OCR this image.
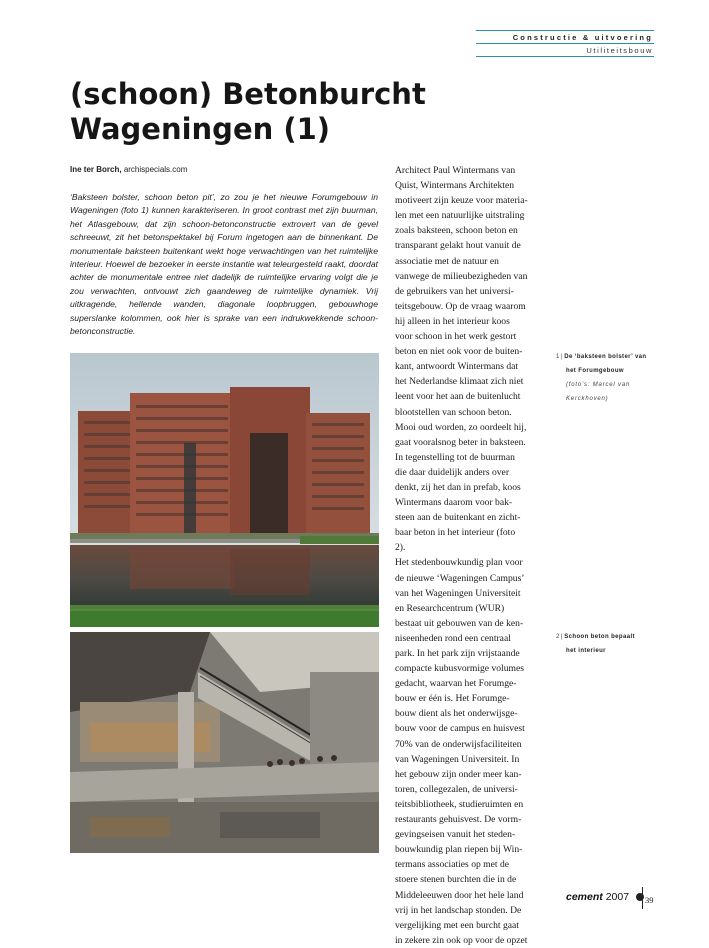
Constructie & uitvoering
Utiliteitsbouw
(schoon) Betonburcht
Wageningen (1)
Ine ter Borch, archispecials.com

‘Baksteen bolster, schoon beton pit’, zo zou je het nieuwe Forumgebouw in Wageningen (foto 1) kunnen karakteriseren. In groot contrast met zijn buurman, het Atlasgebouw, dat zijn schoon-betonconstructie extrovert van de gevel schreeuwt, zit het betonspektakel bij Forum ingetogen aan de binnenkant. De monumentale baksteen buitenkant wekt hoge verwachtingen van het ruimtelijke interieur. Hoewel de bezoeker in eerste instantie wat teleurgesteld raakt, doordat achter de monumentale entree niet dadelijk de ruimtelijke ervaring volgt die je zou verwachten, ontvouwt zich gaandeweg de ruimtelijke dynamiek. Vrij uitkragende, hellende wanden, diagonale loopbruggen, gebouwhoge superslanke kolommen, ook hier is sprake van een indrukwekkende schoon-betonconstructie.

Architect Paul Wintermans van
Quist, Wintermans Architekten
motiveert zijn keuze voor materia-
len met een natuurlijke uitstraling
zoals baksteen, schoon beton en
transparant gelakt hout vanuit de
associatie met de natuur en
vanwege de milieubezigheden van
de gebruikers van het universi-
teitsgebouw. Op de vraag waarom
hij alleen in het interieur koos
voor schoon in het werk gestort
beton en niet ook voor de buiten-
kant, antwoordt Wintermans dat
het Nederlandse klimaat zich niet
leent voor het aan de buitenlucht
blootstellen van schoon beton.
Mooi oud worden, zo oordeelt hij,
gaat vooralsnog beter in baksteen.
In tegenstelling tot de buurman
die daar duidelijk anders over
denkt, zij het dan in prefab, koos
Wintermans daarom voor bak-
steen aan de buitenkant en zicht-
baar beton in het interieur (foto
2).
Het stedenbouwkundig plan voor
de nieuwe ‘Wageningen Campus’
van het Wageningen Universiteit
en Researchcentrum (WUR)
bestaat uit gebouwen van de ken-
niseenheden rond een centraal
park. In het park zijn vrijstaande
compacte kubusvormige volumes
gedacht, waarvan het Forumge-
bouw er één is. Het Forumge-
bouw dient als het onderwijsge-
bouw voor de campus en huisvest
70% van de onderwijsfaciliteiten
van Wageningen Universiteit. In
het gebouw zijn onder meer kan-
toren, collegezalen, de universi-
teitsbibliotheek, studieruimten en
restaurants gehuisvest. De vorm-
gevingseisen vanuit het steden-
bouwkundig plan riepen bij Win-
termans associaties op met de
stoere stenen burchten die in de
Middeleeuwen door het hele land
vrij in het landschap stonden. De
vergelijking met een burcht gaat
in zekere zin ook op voor de opzet

1 | De ‘baksteen bolster’ van
het Forumgebouw
(foto’s: Marcel van
Kerckhoven)
2 | Schoon beton bepaalt
het interieur
cement 2007	39
